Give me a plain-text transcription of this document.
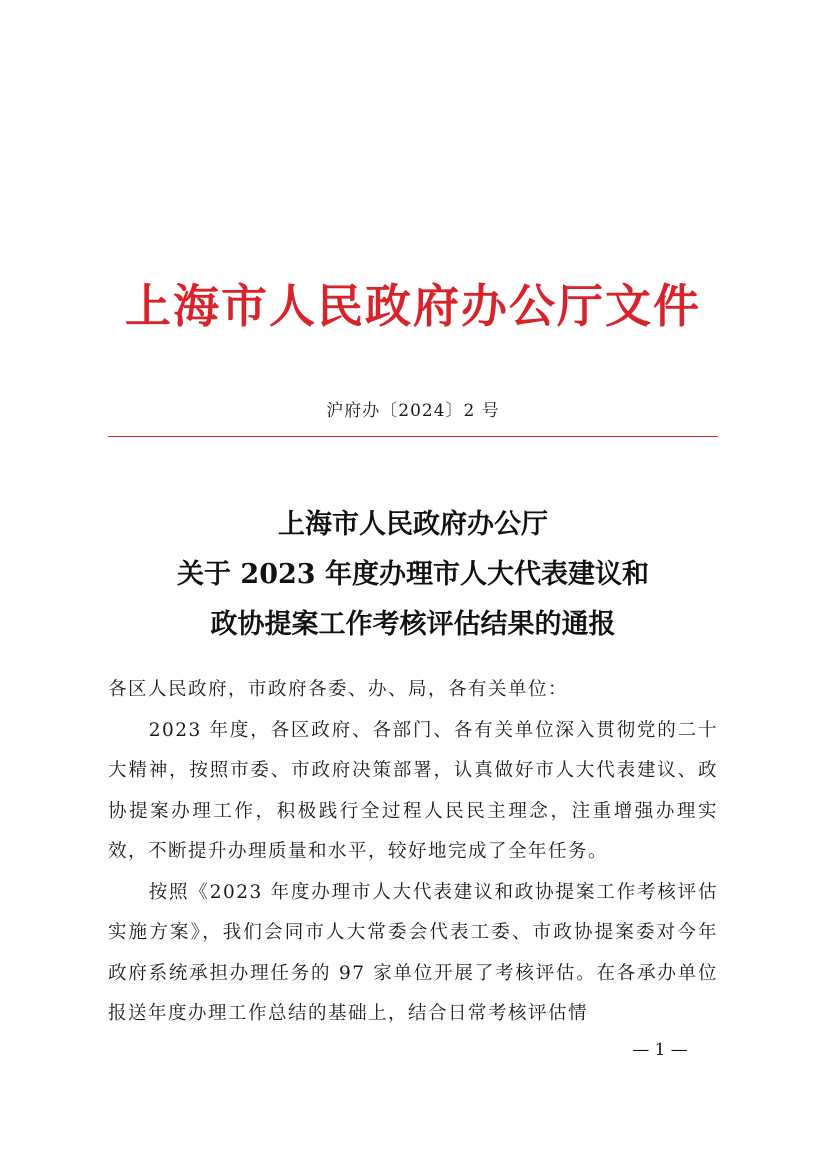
上海市人民政府办公厅文件
沪府办〔2024〕2 号
上海市人民政府办公厅
关于 2023 年度办理市人大代表建议和
政协提案工作考核评估结果的通报

各区人民政府，市政府各委、办、局，各有关单位：

2023 年度，各区政府、各部门、各有关单位深入贯彻党的二十大精神，按照市委、市政府决策部署，认真做好市人大代表建议、政协提案办理工作，积极践行全过程人民民主理念，注重增强办理实效，不断提升办理质量和水平，较好地完成了全年任务。

按照《2023 年度办理市人大代表建议和政协提案工作考核评估实施方案》，我们会同市人大常委会代表工委、市政协提案委对今年政府系统承担办理任务的 97 家单位开展了考核评估。在各承办单位报送年度办理工作总结的基础上，结合日常考核评估情

— 1 —
